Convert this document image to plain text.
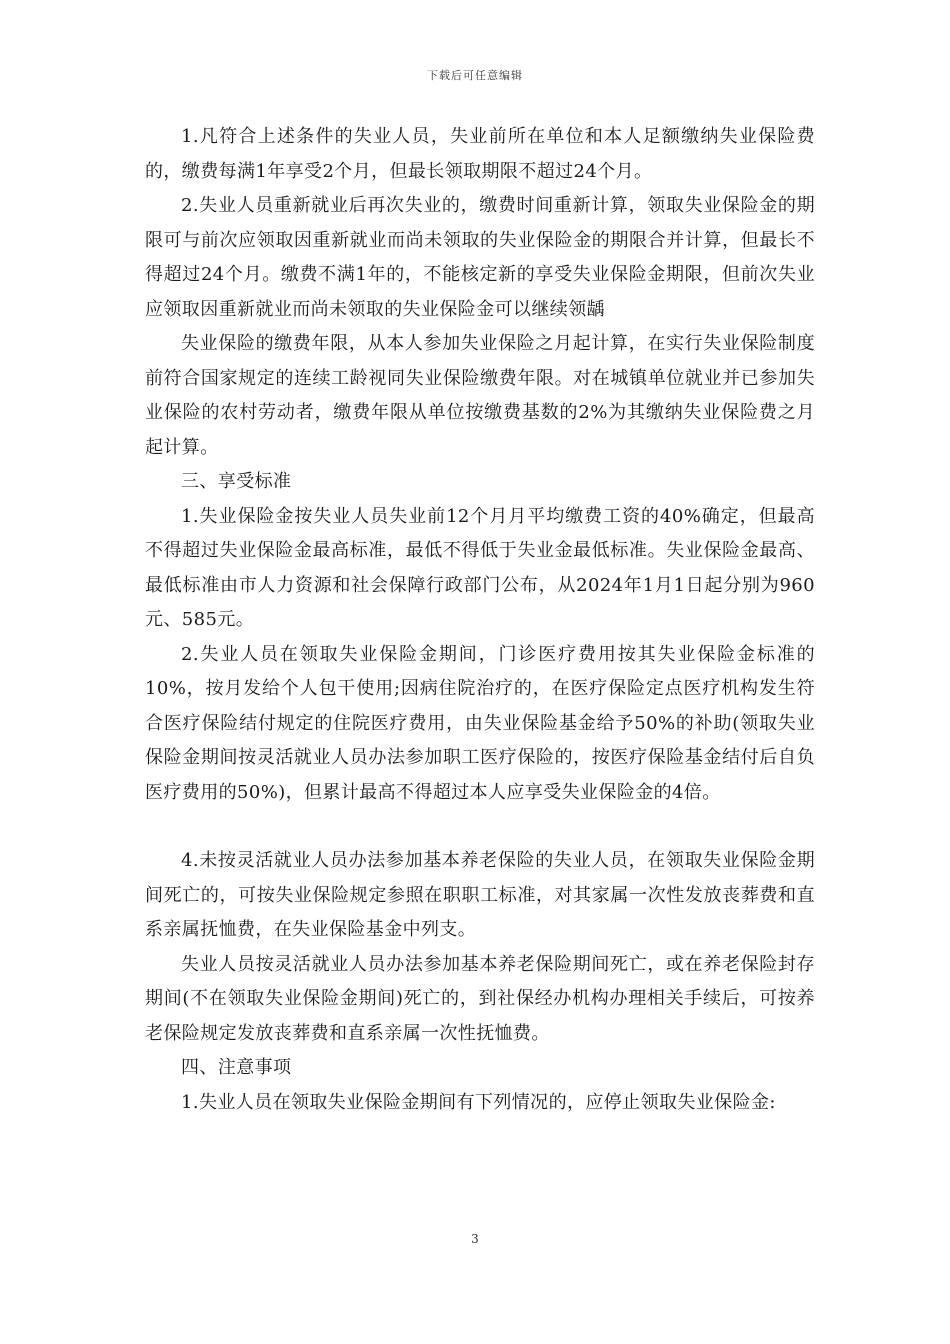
下载后可任意编辑

1.凡符合上述条件的失业人员，失业前所在单位和本人足额缴纳失业保险费的，缴费每满1年享受2个月，但最长领取期限不超过24个月。

2.失业人员重新就业后再次失业的，缴费时间重新计算，领取失业保险金的期限可与前次应领取因重新就业而尚未领取的失业保险金的期限合并计算，但最长不得超过24个月。缴费不满1年的，不能核定新的享受失业保险金期限，但前次失业应领取因重新就业而尚未领取的失业保险金可以继续领龋

失业保险的缴费年限，从本人参加失业保险之月起计算，在实行失业保险制度前符合国家规定的连续工龄视同失业保险缴费年限。对在城镇单位就业并已参加失业保险的农村劳动者，缴费年限从单位按缴费基数的2%为其缴纳失业保险费之月起计算。

三、享受标准

1.失业保险金按失业人员失业前12个月月平均缴费工资的40%确定，但最高不得超过失业保险金最高标准，最低不得低于失业金最低标准。失业保险金最高、最低标准由市人力资源和社会保障行政部门公布，从2024年1月1日起分别为960元、585元。

2.失业人员在领取失业保险金期间，门诊医疗费用按其失业保险金标准的10%，按月发给个人包干使用;因病住院治疗的，在医疗保险定点医疗机构发生符合医疗保险结付规定的住院医疗费用，由失业保险基金给予50%的补助(领取失业保险金期间按灵活就业人员办法参加职工医疗保险的，按医疗保险基金结付后自负医疗费用的50%)，但累计最高不得超过本人应享受失业保险金的4倍。

4.未按灵活就业人员办法参加基本养老保险的失业人员，在领取失业保险金期间死亡的，可按失业保险规定参照在职职工标准，对其家属一次性发放丧葬费和直系亲属抚恤费，在失业保险基金中列支。

失业人员按灵活就业人员办法参加基本养老保险期间死亡，或在养老保险封存期间(不在领取失业保险金期间)死亡的，到社保经办机构办理相关手续后，可按养老保险规定发放丧葬费和直系亲属一次性抚恤费。

四、注意事项

1.失业人员在领取失业保险金期间有下列情况的，应停止领取失业保险金:

3
